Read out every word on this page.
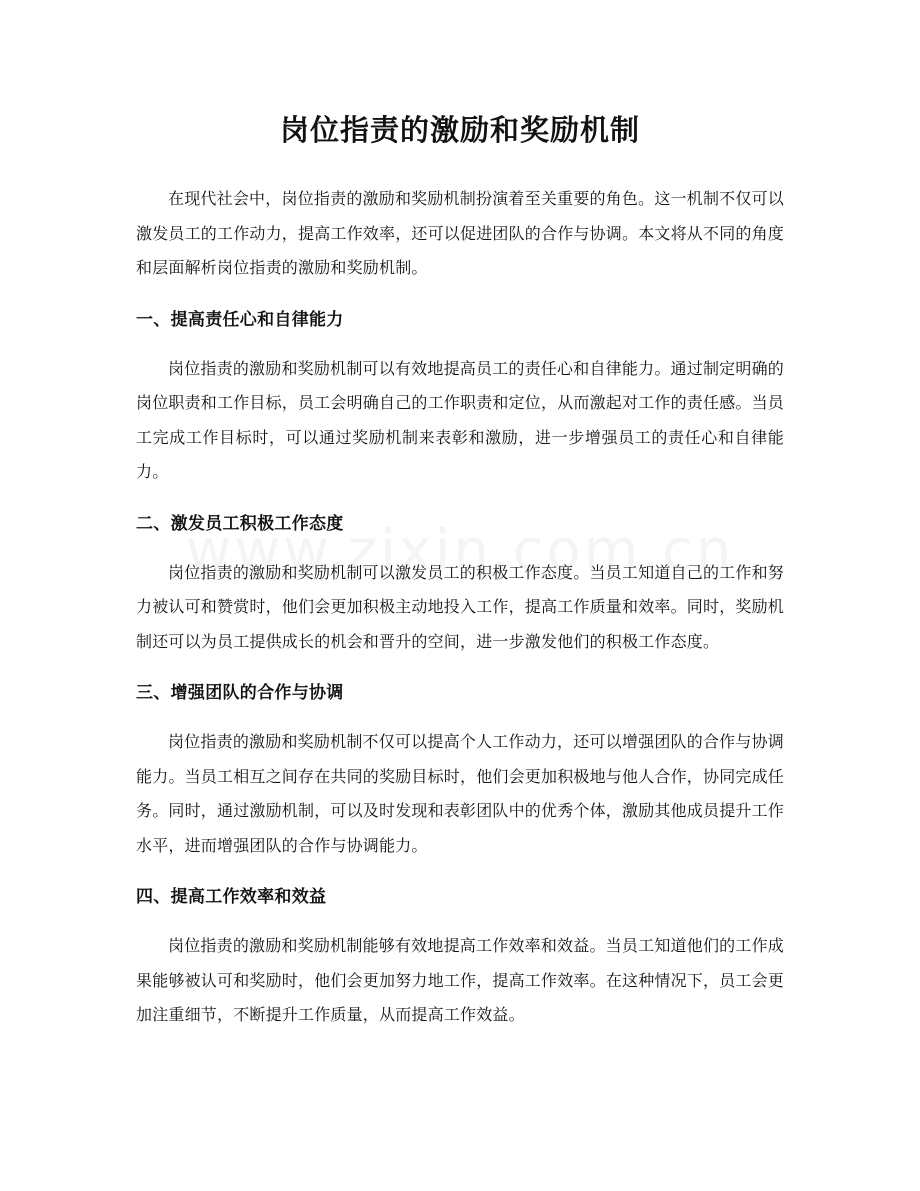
岗位指责的激励和奖励机制

在现代社会中，岗位指责的激励和奖励机制扮演着至关重要的角色。这一机制不仅可以激发员工的工作动力，提高工作效率，还可以促进团队的合作与协调。本文将从不同的角度和层面解析岗位指责的激励和奖励机制。

一、提高责任心和自律能力

岗位指责的激励和奖励机制可以有效地提高员工的责任心和自律能力。通过制定明确的岗位职责和工作目标，员工会明确自己的工作职责和定位，从而激起对工作的责任感。当员工完成工作目标时，可以通过奖励机制来表彰和激励，进一步增强员工的责任心和自律能力。

二、激发员工积极工作态度

岗位指责的激励和奖励机制可以激发员工的积极工作态度。当员工知道自己的工作和努力被认可和赞赏时，他们会更加积极主动地投入工作，提高工作质量和效率。同时，奖励机制还可以为员工提供成长的机会和晋升的空间，进一步激发他们的积极工作态度。

三、增强团队的合作与协调

岗位指责的激励和奖励机制不仅可以提高个人工作动力，还可以增强团队的合作与协调能力。当员工相互之间存在共同的奖励目标时，他们会更加积极地与他人合作，协同完成任务。同时，通过激励机制，可以及时发现和表彰团队中的优秀个体，激励其他成员提升工作水平，进而增强团队的合作与协调能力。

四、提高工作效率和效益

岗位指责的激励和奖励机制能够有效地提高工作效率和效益。当员工知道他们的工作成果能够被认可和奖励时，他们会更加努力地工作，提高工作效率。在这种情况下，员工会更加注重细节，不断提升工作质量，从而提高工作效益。
